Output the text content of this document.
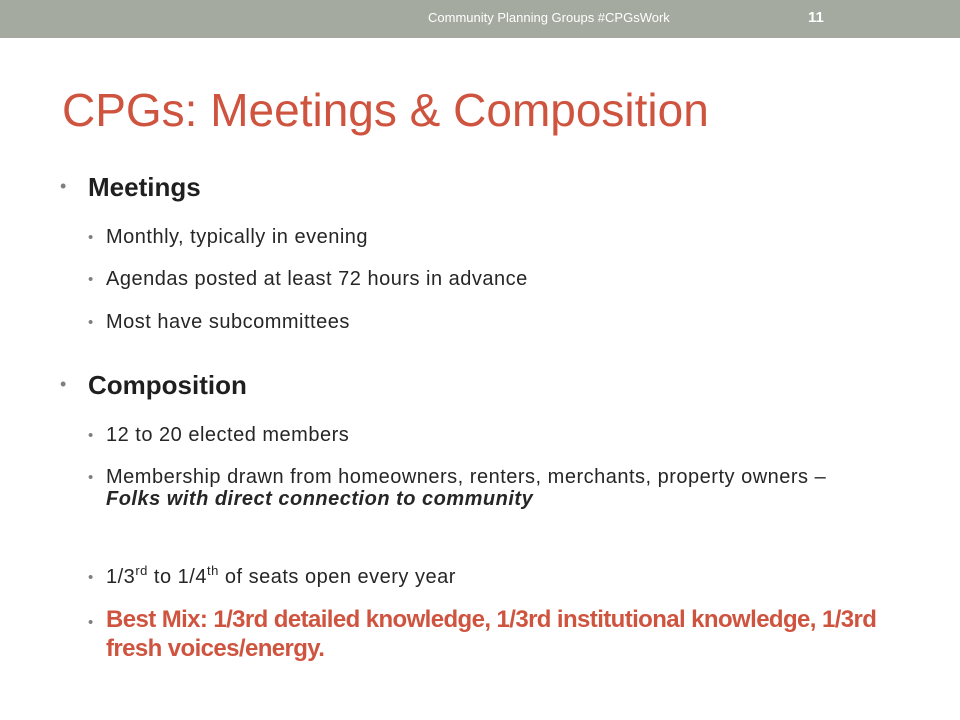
Community Planning Groups #CPGsWork	11
CPGs: Meetings & Composition
• Meetings
• Monthly, typically in evening
• Agendas posted at least 72 hours in advance
• Most have subcommittees
• Composition
• 12 to 20 elected members
• Membership drawn from homeowners, renters, merchants, property owners – Folks with direct connection to community
• 1/3rd to 1/4th of seats open every year
• Best Mix: 1/3rd detailed knowledge, 1/3rd institutional knowledge, 1/3rd fresh voices/energy.
